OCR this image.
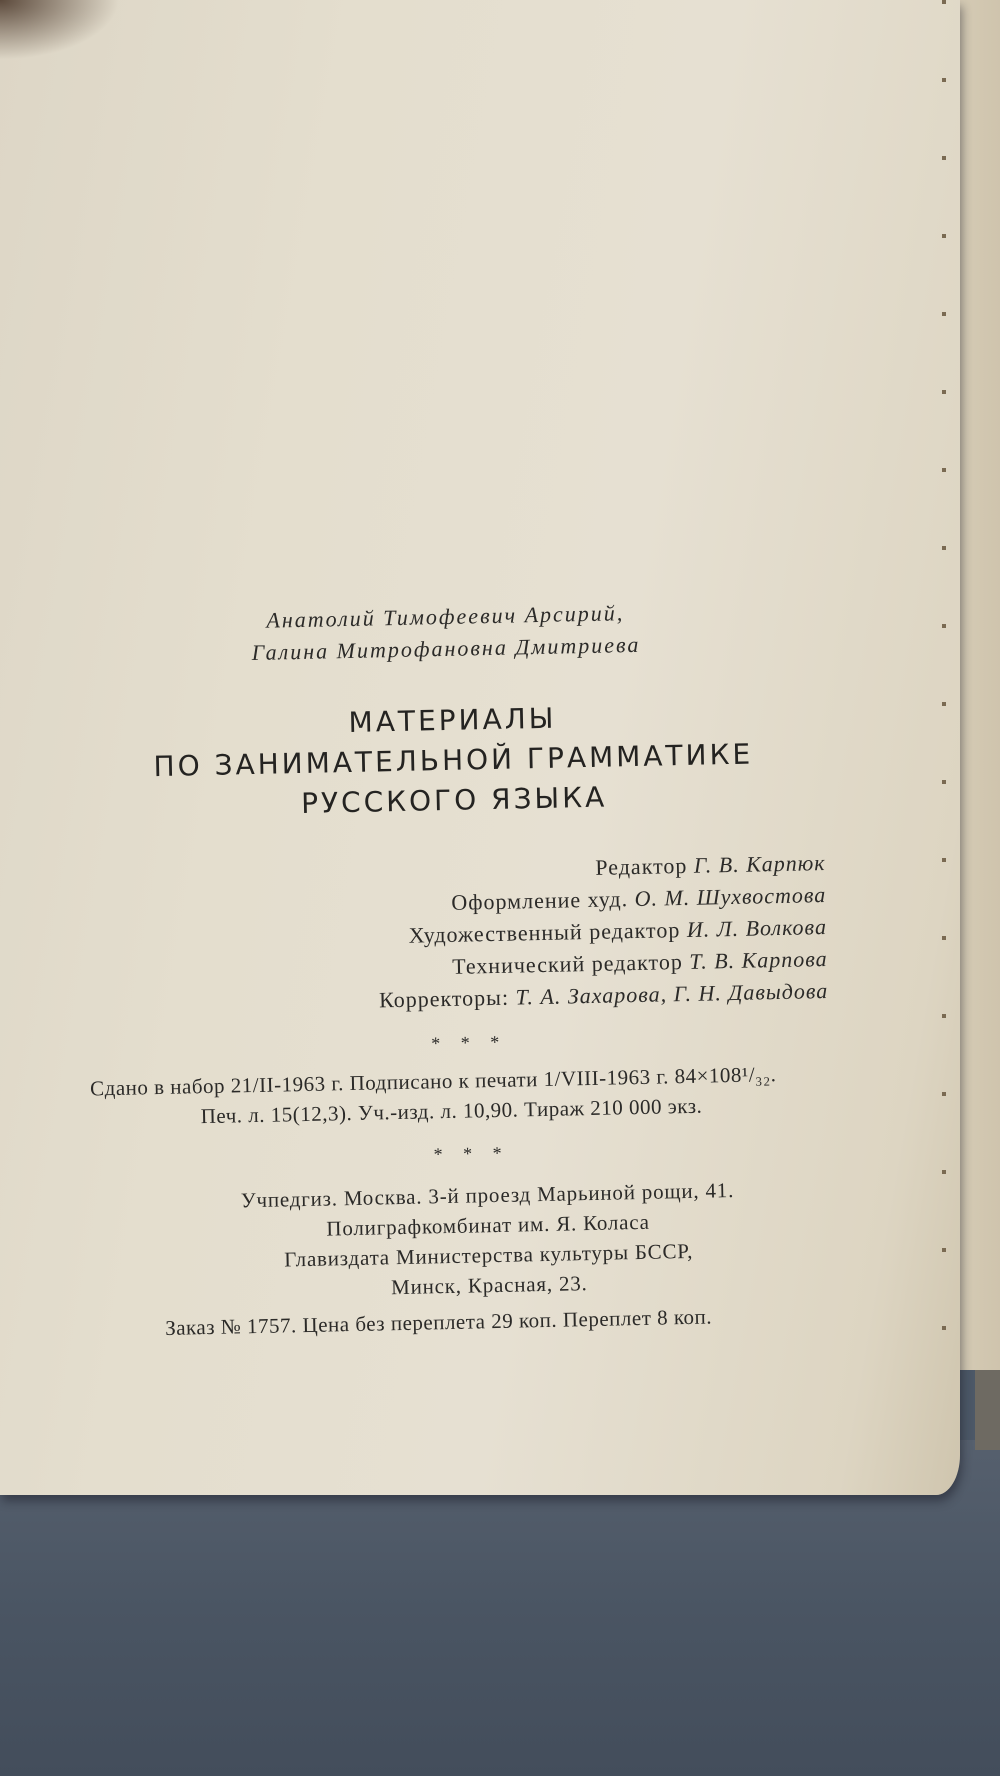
Анатолий Тимофеевич Арсирий,
Галина Митрофановна Дмитриева
МАТЕРИАЛЫ
ПО ЗАНИМАТЕЛЬНОЙ ГРАММАТИКЕ
РУССКОГО ЯЗЫКА
Редактор Г. В. Карпюк
Оформление худ. О. М. Шухвостова
Художественный редактор И. Л. Волкова
Технический редактор Т. В. Карпова
Корректоры: Т. А. Захарова, Г. Н. Давыдова
* * *
Сдано в набор 21/II-1963 г. Подписано к печати 1/VIII-1963 г. 84×108¹/₃₂.
Печ. л. 15(12,3). Уч.-изд. л. 10,90. Тираж 210 000 экз.
* * *
Учпедгиз. Москва. 3-й проезд Марьиной рощи, 41.
Полиграфкомбинат им. Я. Коласа
Главиздата Министерства культуры БССР,
Минск, Красная, 23.
Заказ № 1757. Цена без переплета 29 коп. Переплет 8 коп.
